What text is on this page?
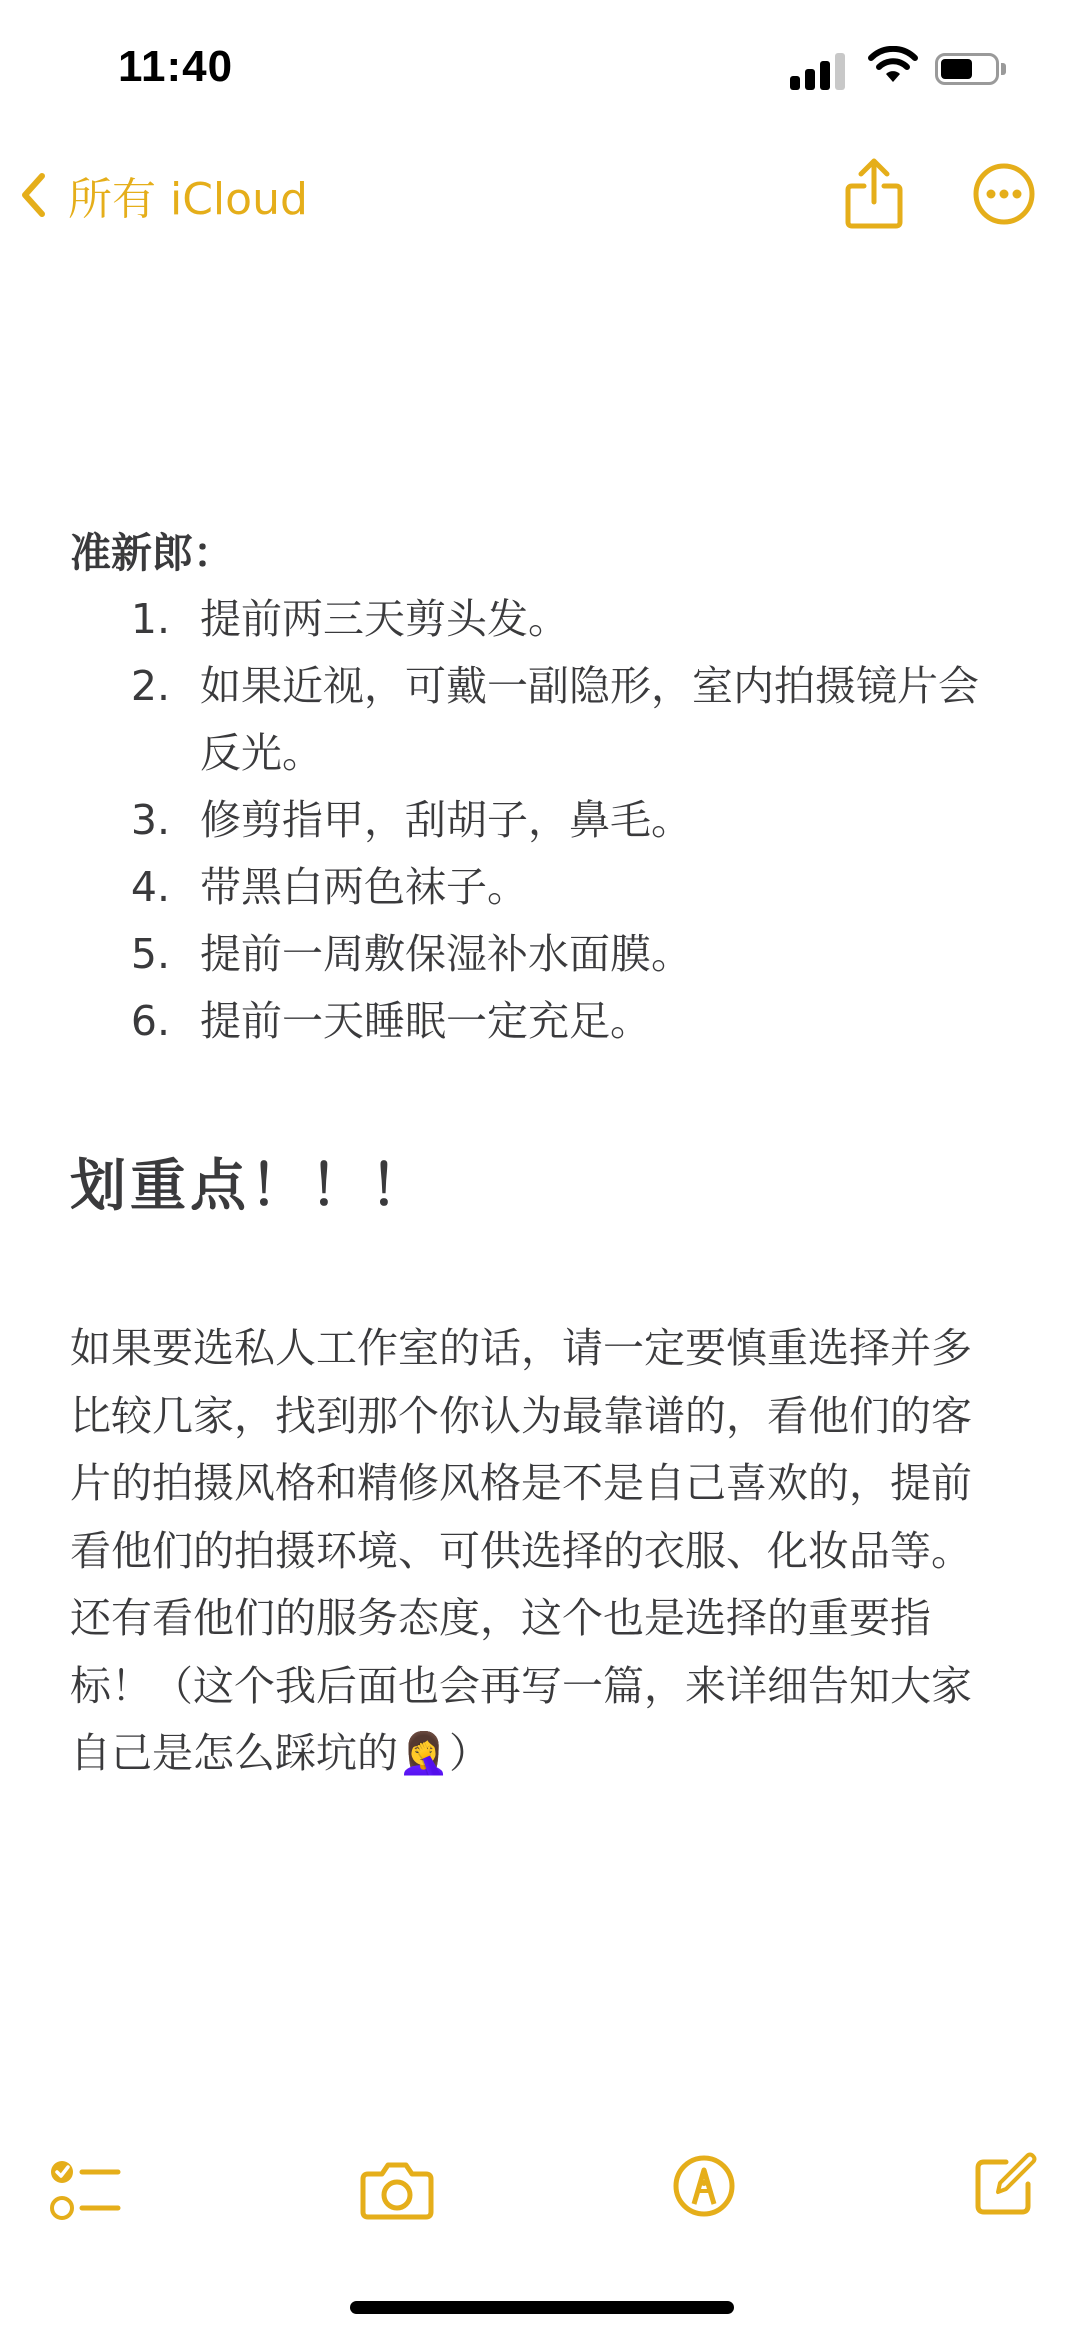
11:40
所有 iCloud
准新郎：
1. 提前两三天剪头发。
2. 如果近视，可戴一副隐形，室内拍摄镜片会反光。
3. 修剪指甲，刮胡子，鼻毛。
4. 带黑白两色袜子。
5. 提前一周敷保湿补水面膜。
6. 提前一天睡眠一定充足。
划重点！！！
如果要选私人工作室的话，请一定要慎重选择并多比较几家，找到那个你认为最靠谱的，看他们的客片的拍摄风格和精修风格是不是自己喜欢的，提前看他们的拍摄环境、可供选择的衣服、化妆品等。还有看他们的服务态度，这个也是选择的重要指标！（这个我后面也会再写一篇，来详细告知大家自己是怎么踩坑的🤦‍♀️）
